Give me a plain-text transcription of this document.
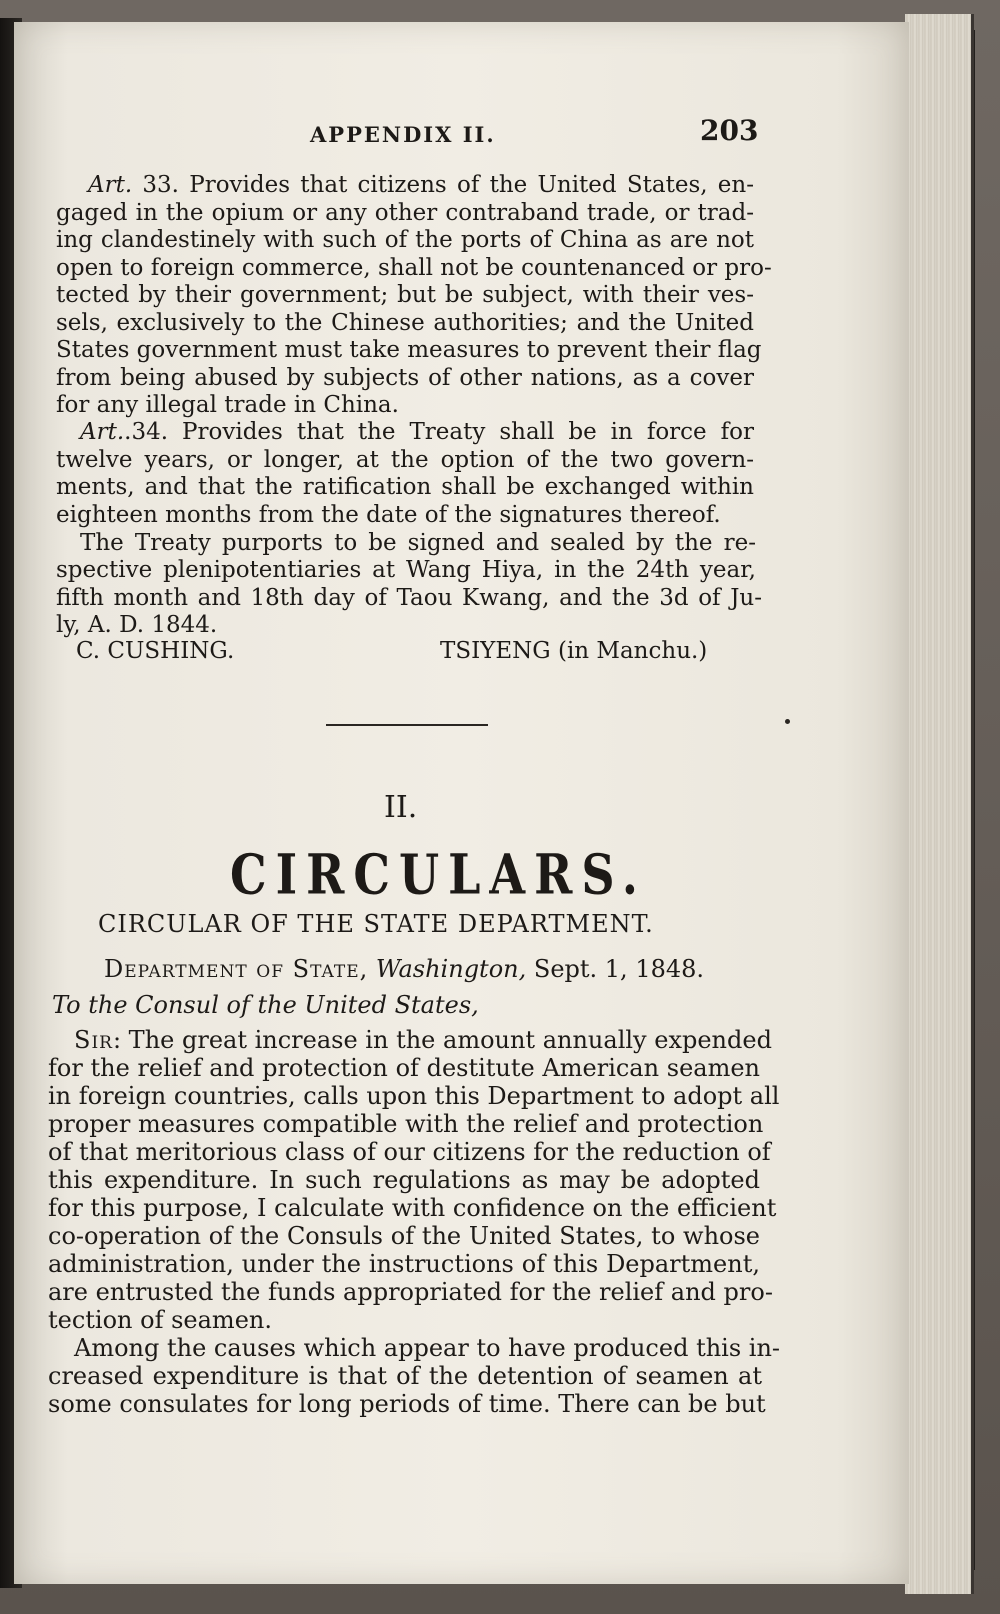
APPENDIX II.	203
Art. 33. Provides that citizens of the United States, en-
gaged in the opium or any other contraband trade, or trad-
ing clandestinely with such of the ports of China as are not
open to foreign commerce, shall not be countenanced or pro-
tected by their government; but be subject, with their ves-
sels, exclusively to the Chinese authorities; and the United
States government must take measures to prevent their flag
from being abused by subjects of other nations, as a cover
for any illegal trade in China.
Art..34. Provides that the Treaty shall be in force for
twelve years, or longer, at the option of the two govern-
ments, and that the ratification shall be exchanged within
eighteen months from the date of the signatures thereof.
The Treaty purports to be signed and sealed by the re-
spective plenipotentiaries at Wang Hiya, in the 24th year,
fifth month and 18th day of Taou Kwang, and the 3d of Ju-
ly, A. D. 1844.
C. CUSHING.	TSIYENG (in Manchu.)
II.
CIRCULARS.
CIRCULAR OF THE STATE DEPARTMENT.
Department of State, Washington, Sept. 1, 1848.
To the Consul of the United States,
Sir: The great increase in the amount annually expended
for the relief and protection of destitute American seamen
in foreign countries, calls upon this Department to adopt all
proper measures compatible with the relief and protection
of that meritorious class of our citizens for the reduction of
this expenditure. In such regulations as may be adopted
for this purpose, I calculate with confidence on the efficient
co-operation of the Consuls of the United States, to whose
administration, under the instructions of this Department,
are entrusted the funds appropriated for the relief and pro-
tection of seamen.
Among the causes which appear to have produced this in-
creased expenditure is that of the detention of seamen at
some consulates for long periods of time. There can be but
